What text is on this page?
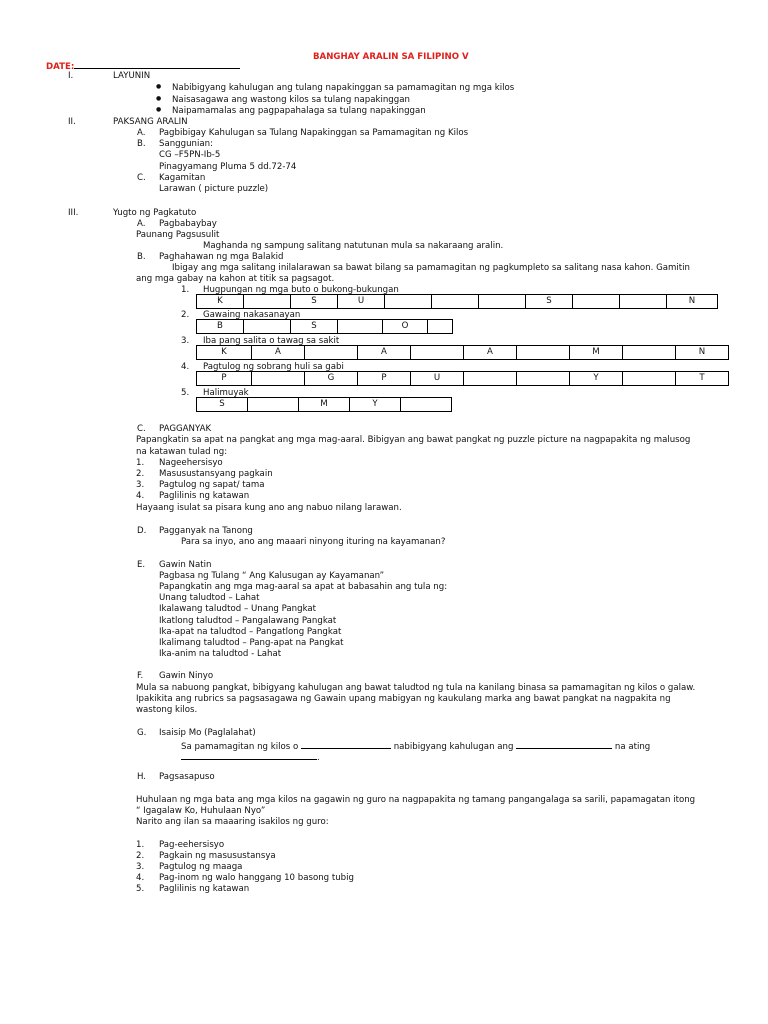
BANGHAY ARALIN SA FILIPINO V
DATE:
I.	LAYUNIN
● Nabibigyang kahulugan ang tulang napakinggan sa pamamagitan ng mga kilos
● Naisasagawa ang wastong kilos sa tulang napakinggan
● Naipamamalas ang pagpapahalaga sa tulang napakinggan
II.	PAKSANG ARALIN
A. Pagbibigay Kahulugan sa Tulang Napakinggan sa Pamamagitan ng Kilos
B. Sanggunian:
CG –F5PN-Ib-5
Pinagyamang Pluma 5 dd.72-74
C. Kagamitan
Larawan ( picture puzzle)
III.	Yugto ng Pagkatuto
A. Pagbabaybay
Paunang Pagsusulit
Maghanda ng sampung salitang natutunan mula sa nakaraang aralin.
B. Paghahawan ng mga Balakid
Ibigay ang mga salitang inilalarawan sa bawat bilang sa pamamagitan ng pagkumpleto sa salitang nasa kahon. Gamitin
ang mga gabay na kahon at titik sa pagsagot.
1. Hugpungan ng mga buto o bukong-bukungan
K	S	U	S	N
2. Gawaing nakasanayan
B	S	O
3. Iba pang salita o tawag sa sakit
K	A	A	A	M	N
4. Pagtulog ng sobrang huli sa gabi
P	G	P	U	Y	T
5. Halimuyak
S	M	Y
C. PAGGANYAK
Papangkatin sa apat na pangkat ang mga mag-aaral. Bibigyan ang bawat pangkat ng puzzle picture na nagpapakita ng malusog
na katawan tulad ng:
1. Nageehersisyo
2. Masusustansyang pagkain
3. Pagtulog ng sapat/ tama
4. Paglilinis ng katawan
Hayaang isulat sa pisara kung ano ang nabuo nilang larawan.
D. Pagganyak na Tanong
Para sa inyo, ano ang maaari ninyong ituring na kayamanan?
E. Gawin Natin
Pagbasa ng Tulang “ Ang Kalusugan ay Kayamanan”
Papangkatin ang mga mag-aaral sa apat at babasahin ang tula ng:
Unang taludtod – Lahat
Ikalawang taludtod – Unang Pangkat
Ikatlong taludtod – Pangalawang Pangkat
Ika-apat na taludtod – Pangatlong Pangkat
Ikalimang taludtod – Pang-apat na Pangkat
Ika-anim na taludtod - Lahat
F. Gawin Ninyo
Mula sa nabuong pangkat, bibigyang kahulugan ang bawat taludtod ng tula na kanilang binasa sa pamamagitan ng kilos o galaw.
Ipakikita ang rubrics sa pagsasagawa ng Gawain upang mabigyan ng kaukulang marka ang bawat pangkat na nagpakita ng
wastong kilos.
G. Isaisip Mo (Paglalahat)
Sa pamamagitan ng kilos o	nabibigyang kahulugan ang	na ating
.
H. Pagsasapuso
Huhulaan ng mga bata ang mga kilos na gagawin ng guro na nagpapakita ng tamang pangangalaga sa sarili, papamagatan itong
“ Igagalaw Ko, Huhulaan Nyo”
Narito ang ilan sa maaaring isakilos ng guro:
1. Pag-eehersisyo
2. Pagkain ng masusustansya
3. Pagtulog ng maaga
4. Pag-inom ng walo hanggang 10 basong tubig
5. Paglilinis ng katawan
